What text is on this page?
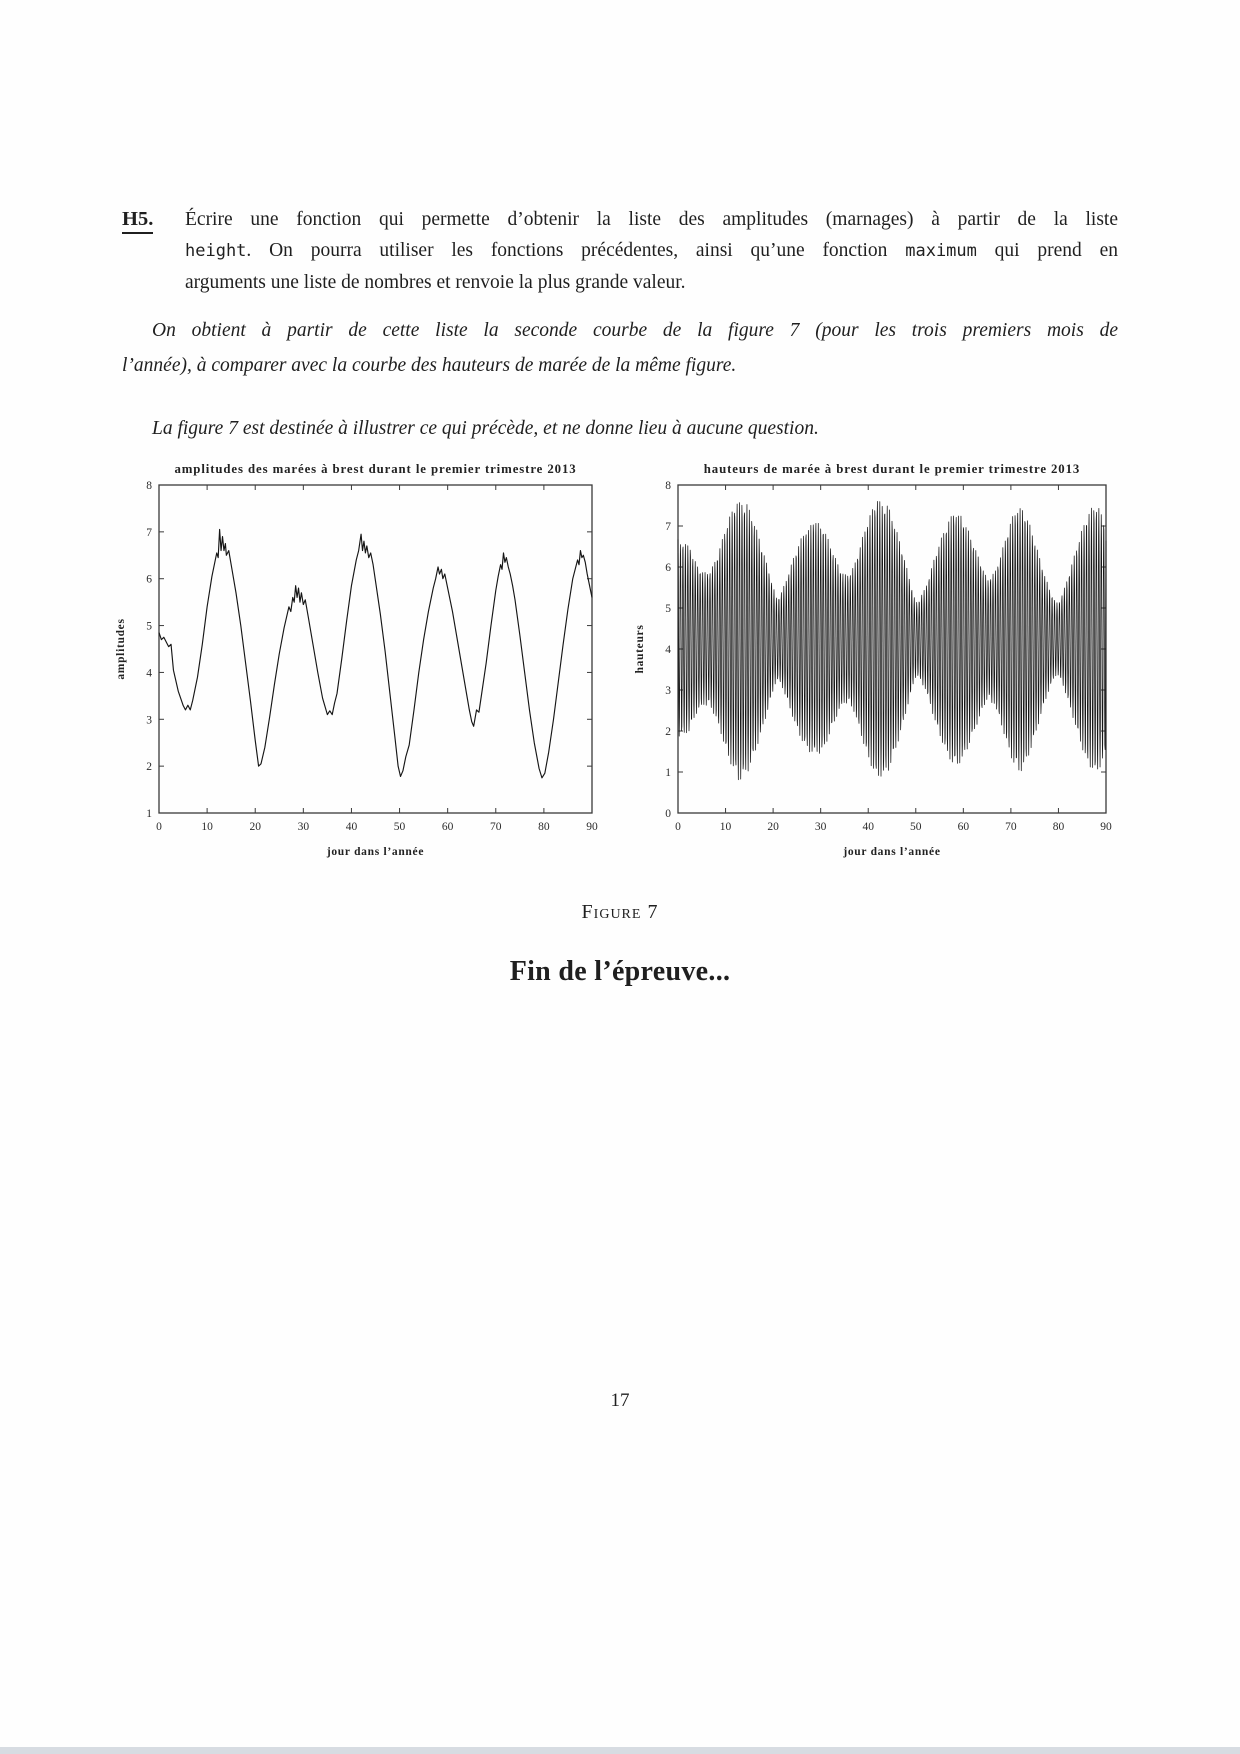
H5. Écrire une fonction qui permette d’obtenir la liste des amplitudes (marnages) à partir de la liste
height. On pourra utiliser les fonctions précédentes, ainsi qu’une fonction maximum qui prend en
arguments une liste de nombres et renvoie la plus grande valeur.
On obtient à partir de cette liste la seconde courbe de la figure 7 (pour les trois premiers mois de
l’année), à comparer avec la courbe des hauteurs de marée de la même figure.
La figure 7 est destinée à illustrer ce qui précède, et ne donne lieu à aucune question.
0	10	20	30	40	50	60	70	80	90
1
2
3
4
5
6
7
8
amplitudes des marées à brest durant le premier trimestre 2013
jour dans l’année
amplitudes
0	10	20	30	40	50	60	70	80	90
0
1
2
3
4
5
6
7
8
hauteurs de marée à brest durant le premier trimestre 2013
jour dans l’année
hauteurs
Figure 7
Fin de l’épreuve...
17
